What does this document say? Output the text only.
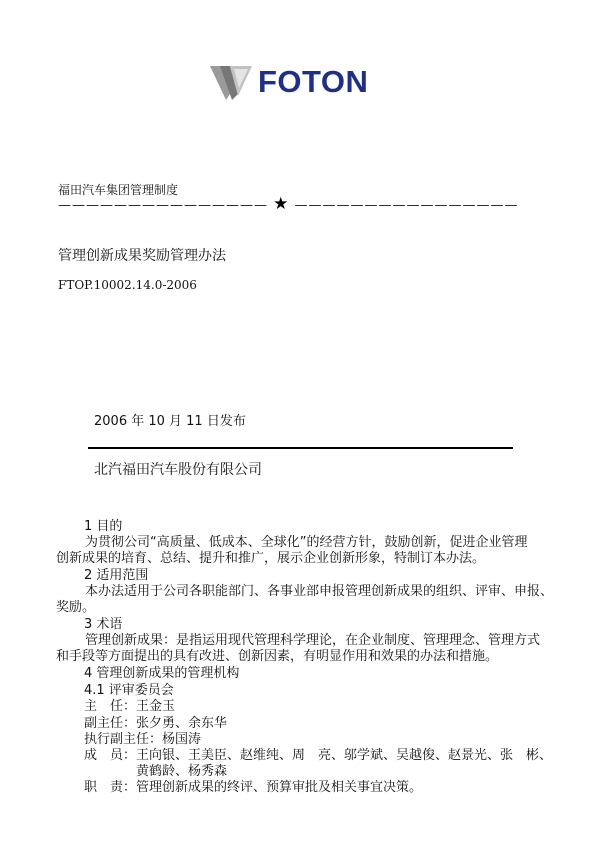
FOTON
福田汽车集团管理制度
——————————————— ★ ————————————————
管理创新成果奖励管理办法
FTOP.10002.14.0-2006
2006 年 10 月 11 日发布
北汽福田汽车股份有限公司
1 目的
为贯彻公司“高质量、低成本、全球化”的经营方针，鼓励创新，促进企业管理
创新成果的培育、总结、提升和推广，展示企业创新形象，特制订本办法。
2 适用范围
本办法适用于公司各职能部门、各事业部申报管理创新成果的组织、评审、申报、
奖励。
3 术语
管理创新成果：是指运用现代管理科学理论，在企业制度、管理理念、管理方式
和手段等方面提出的具有改进、创新因素，有明显作用和效果的办法和措施。
4 管理创新成果的管理机构
4.1 评审委员会
主　任：王金玉
副主任：张夕勇、余东华
执行副主任：杨国涛
成　员：王向银、王美臣、赵维纯、周　亮、邬学斌、吴越俊、赵景光、张　彬、
黄鹤龄、杨秀森
职　责：管理创新成果的终评、预算审批及相关事宜决策。
